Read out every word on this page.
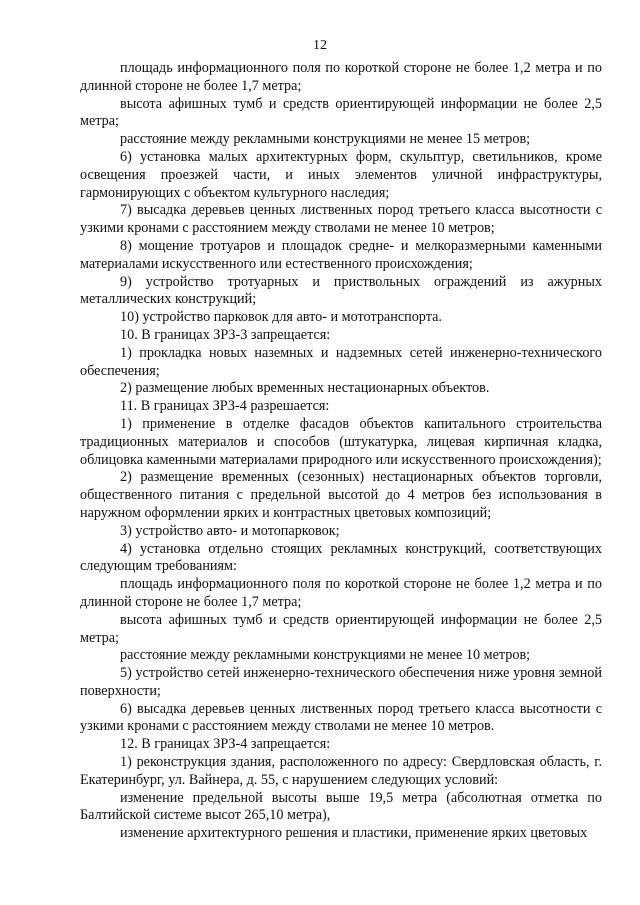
12

площадь информационного поля по короткой стороне не более 1,2 метра и по длинной стороне не более 1,7 метра;

высота афишных тумб и средств ориентирующей информации не более 2,5 метра;

расстояние между рекламными конструкциями не менее 15 метров;

6) установка малых архитектурных форм, скульптур, светильников, кроме освещения проезжей части, и иных элементов уличной инфраструктуры, гармонирующих с объектом культурного наследия;

7) высадка деревьев ценных лиственных пород третьего класса высотности с узкими кронами с расстоянием между стволами не менее 10 метров;

8) мощение тротуаров и площадок средне- и мелкоразмерными каменными материалами искусственного или естественного происхождения;

9) устройство тротуарных и приствольных ограждений из ажурных металлических конструкций;

10) устройство парковок для авто- и мототранспорта.

10. В границах ЗРЗ-3 запрещается:

1) прокладка новых наземных и надземных сетей инженерно-технического обеспечения;

2) размещение любых временных нестационарных объектов.

11. В границах ЗРЗ-4 разрешается:

1) применение в отделке фасадов объектов капитального строительства традиционных материалов и способов (штукатурка, лицевая кирпичная кладка, облицовка каменными материалами природного или искусственного происхождения);

2) размещение временных (сезонных) нестационарных объектов торговли, общественного питания с предельной высотой до 4 метров без использования в наружном оформлении ярких и контрастных цветовых композиций;

3) устройство авто- и мотопарковок;

4) установка отдельно стоящих рекламных конструкций, соответствующих следующим требованиям:

площадь информационного поля по короткой стороне не более 1,2 метра и по длинной стороне не более 1,7 метра;

высота афишных тумб и средств ориентирующей информации не более 2,5 метра;

расстояние между рекламными конструкциями не менее 10 метров;

5) устройство сетей инженерно-технического обеспечения ниже уровня земной поверхности;

6) высадка деревьев ценных лиственных пород третьего класса высотности с узкими кронами с расстоянием между стволами не менее 10 метров.

12. В границах ЗРЗ-4 запрещается:

1) реконструкция здания, расположенного по адресу: Свердловская область, г. Екатеринбург, ул. Вайнера, д. 55, с нарушением следующих условий:

изменение предельной высоты выше 19,5 метра (абсолютная отметка по Балтийской системе высот 265,10 метра),

изменение архитектурного решения и пластики, применение ярких цветовых
